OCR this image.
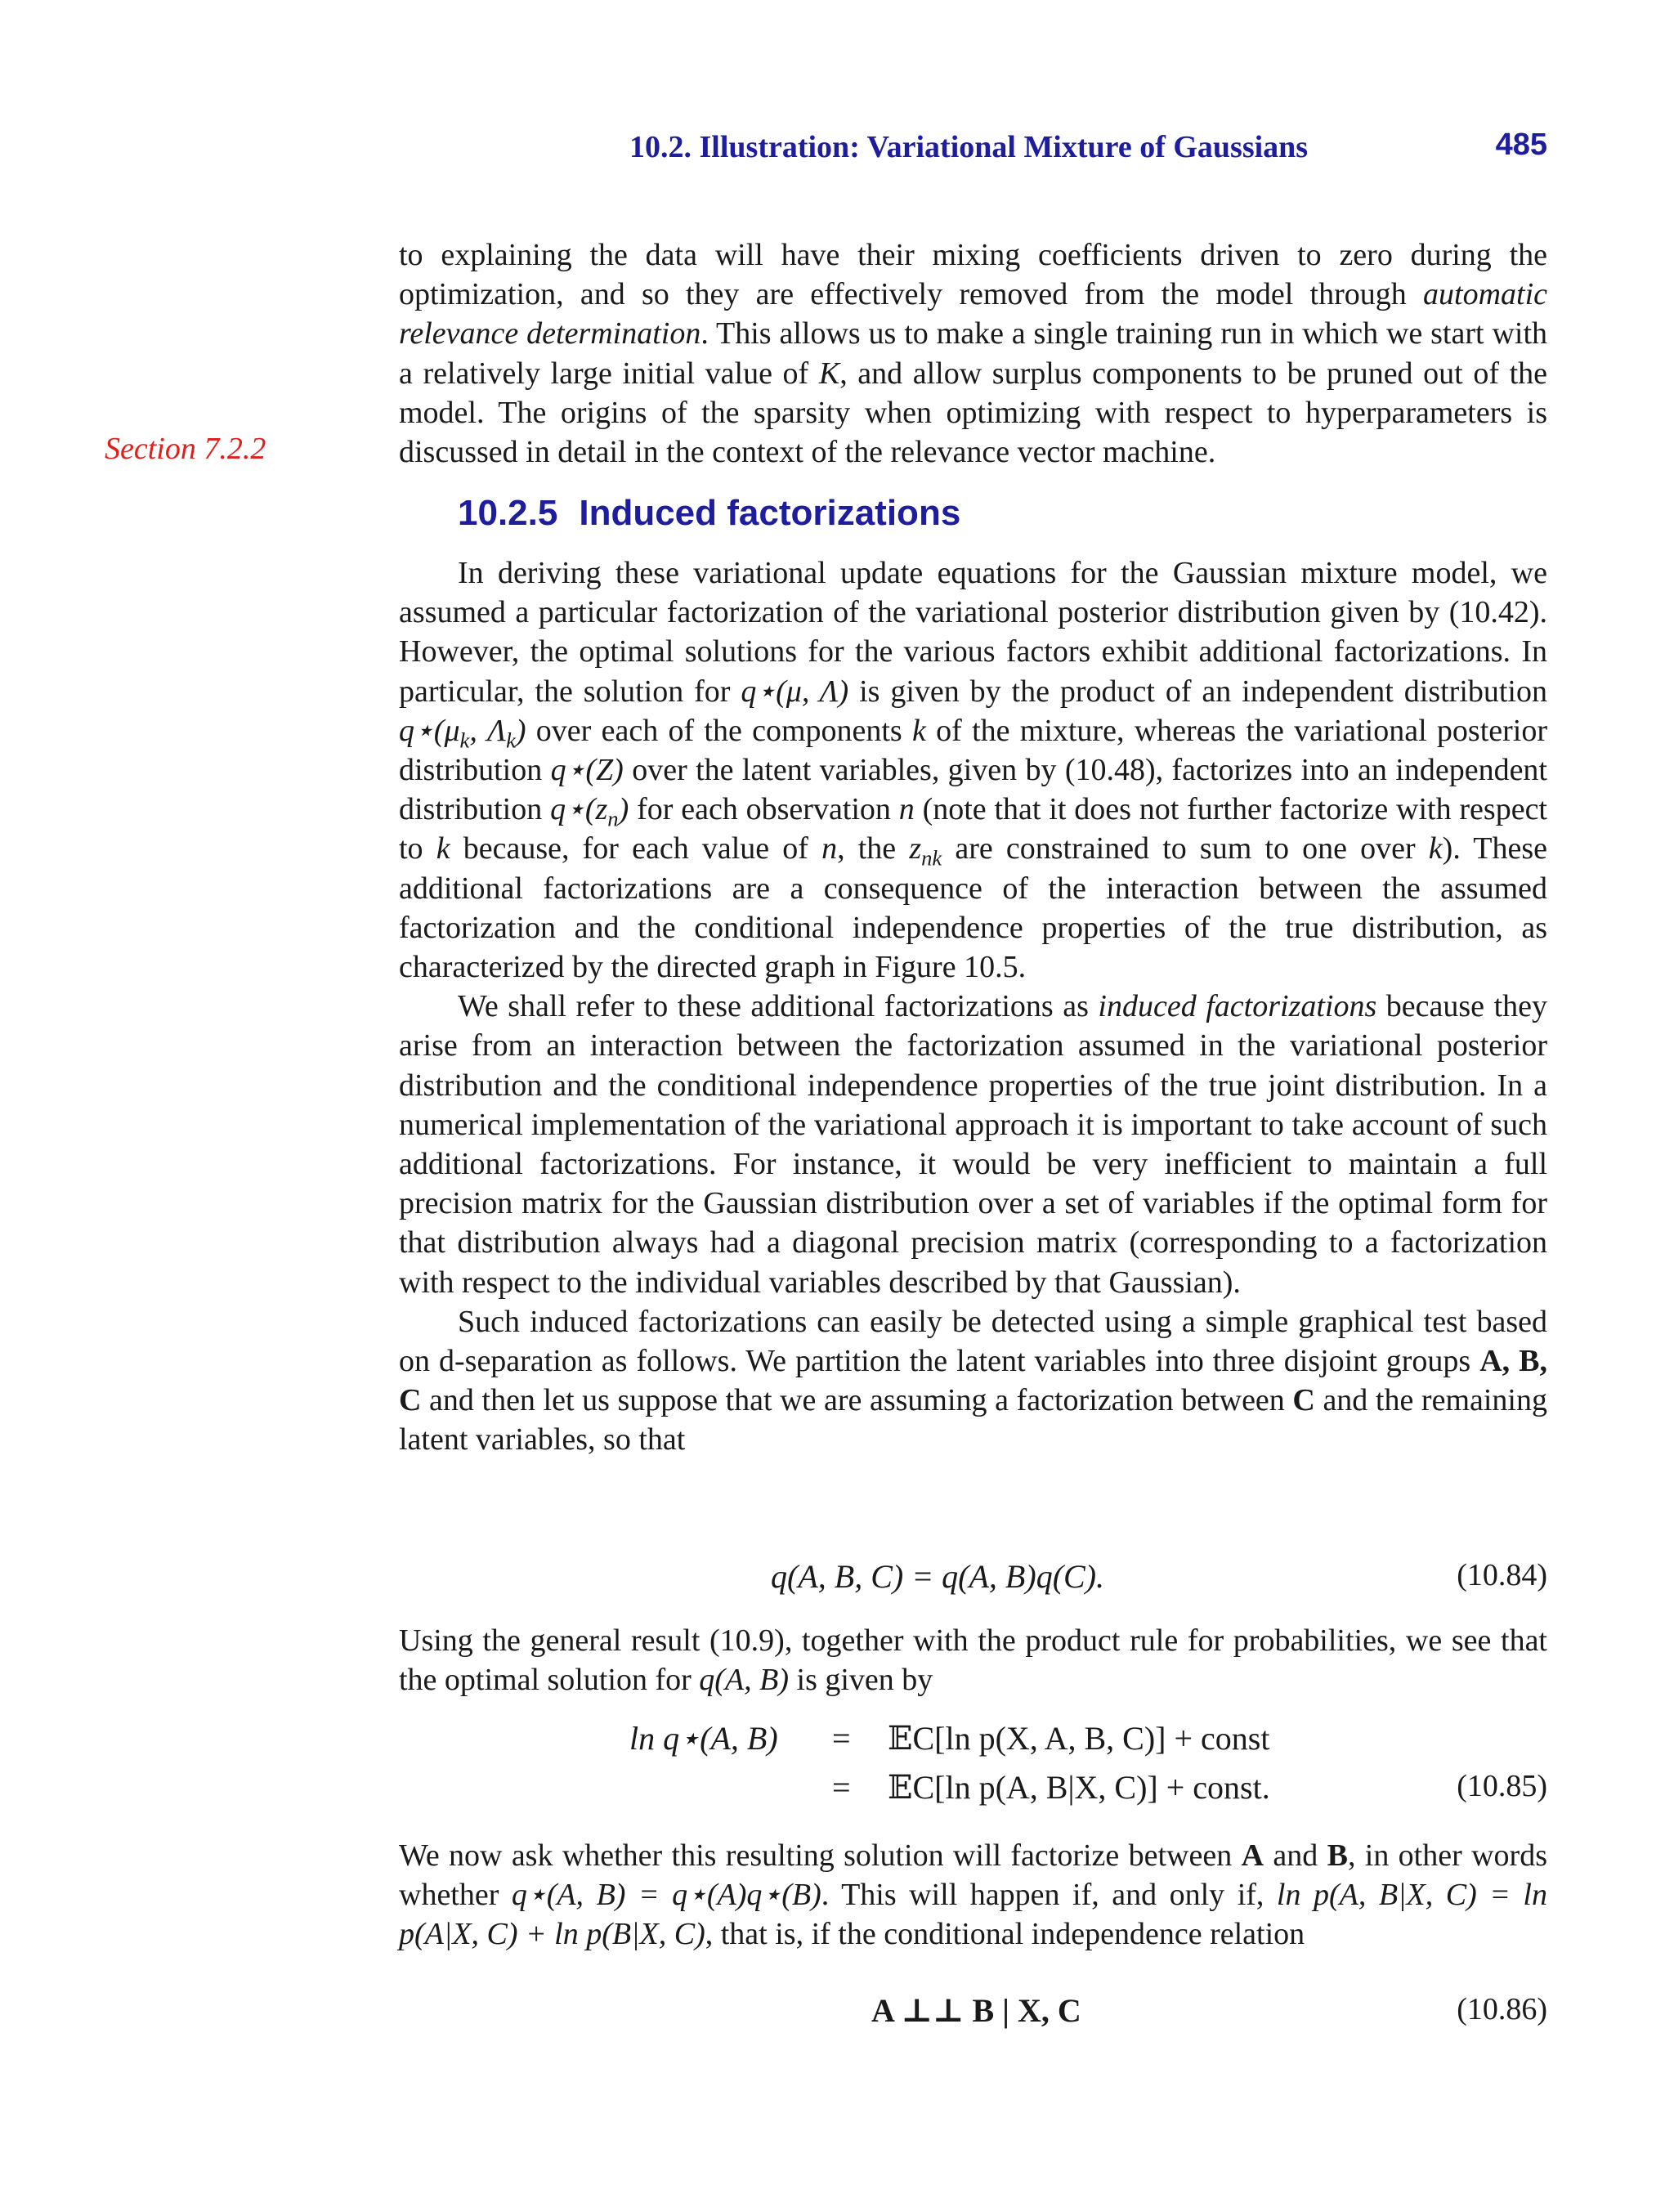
10.2. Illustration: Variational Mixture of Gaussians	485
Section 7.2.2

to explaining the data will have their mixing coefficients driven to zero during the optimization, and so they are effectively removed from the model through automatic relevance determination. This allows us to make a single training run in which we start with a relatively large initial value of K, and allow surplus components to be pruned out of the model. The origins of the sparsity when optimizing with respect to hyperparameters is discussed in detail in the context of the relevance vector machine.

10.2.5 Induced factorizations

In deriving these variational update equations for the Gaussian mixture model, we assumed a particular factorization of the variational posterior distribution given by (10.42). However, the optimal solutions for the various factors exhibit additional factorizations. In particular, the solution for q⋆(μ, Λ) is given by the product of an independent distribution $q⋆(\mu_k$, $\Lambda_k$) over each of the components k of the mixture, whereas the variational posterior distribution q⋆(Z) over the latent variables, given by (10.48), factorizes into an independent distribution $q⋆(z_n)$ for each observation n (note that it does not further factorize with respect to k because, for each value of n, the $z_{nk}$ are constrained to sum to one over k). These additional factorizations are a consequence of the interaction between the assumed factorization and the conditional independence properties of the true distribution, as characterized by the directed graph in Figure 10.5.

We shall refer to these additional factorizations as induced factorizations because they arise from an interaction between the factorization assumed in the variational posterior distribution and the conditional independence properties of the true joint distribution. In a numerical implementation of the variational approach it is important to take account of such additional factorizations. For instance, it would be very inefficient to maintain a full precision matrix for the Gaussian distribution over a set of variables if the optimal form for that distribution always had a diagonal precision matrix (corresponding to a factorization with respect to the individual variables described by that Gaussian).

Such induced factorizations can easily be detected using a simple graphical test based on d-separation as follows. We partition the latent variables into three disjoint groups A, B, C and then let us suppose that we are assuming a factorization between C and the remaining latent variables, so that

q(A, B, C) = q(A, B)q(C).	(10.84)

Using the general result (10.9), together with the product rule for probabilities, we see that the optimal solution for q(A, B) is given by

ln q⋆(A, B) = 𝔼C[ln p(X, A, B, C)] + const
= 𝔼C[ln p(A, B|X, C)] + const.	(10.85)

We now ask whether this resulting solution will factorize between A and B, in other words whether q⋆(A, B) = q⋆(A)q⋆(B). This will happen if, and only if, ln p(A, B|X, C) = ln p(A|X, C) + ln p(B|X, C), that is, if the conditional independence relation

A ⊥⊥ B | X, C	(10.86)
